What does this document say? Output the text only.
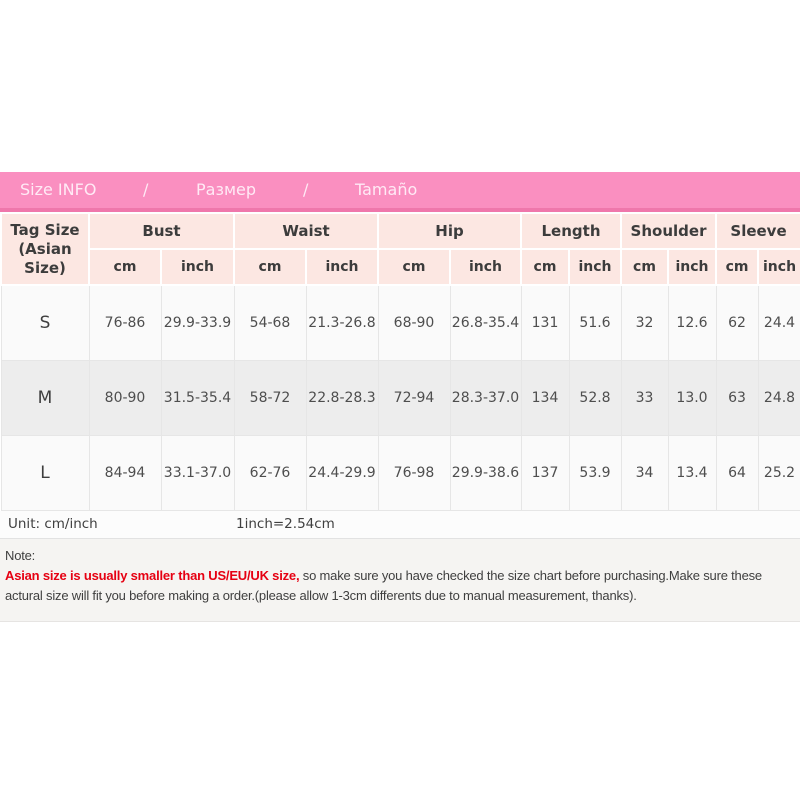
Size INFO	/	Размер	/	Tamaño
Tag Size
(Asian Size)	Bust		Waist		Hip		Length		Shoulder		Sleeve	
	cm	inch	cm	inch	cm	inch	cm	inch	cm	inch	cm	inch
S	76-86	29.9-33.9	54-68	21.3-26.8	68-90	26.8-35.4	131	51.6	32	12.6	62	24.4
M	80-90	31.5-35.4	58-72	22.8-28.3	72-94	28.3-37.0	134	52.8	33	13.0	63	24.8
L	84-94	33.1-37.0	62-76	24.4-29.9	76-98	29.9-38.6	137	53.9	34	13.4	64	25.2
Unit: cm/inch	1inch=2.54cm
Note:
Asian size is usually smaller than US/EU/UK size, so make sure you have checked the size chart before purchasing.Make sure these
actural size will fit you before making a order.(please allow 1-3cm differents due to manual measurement, thanks).
